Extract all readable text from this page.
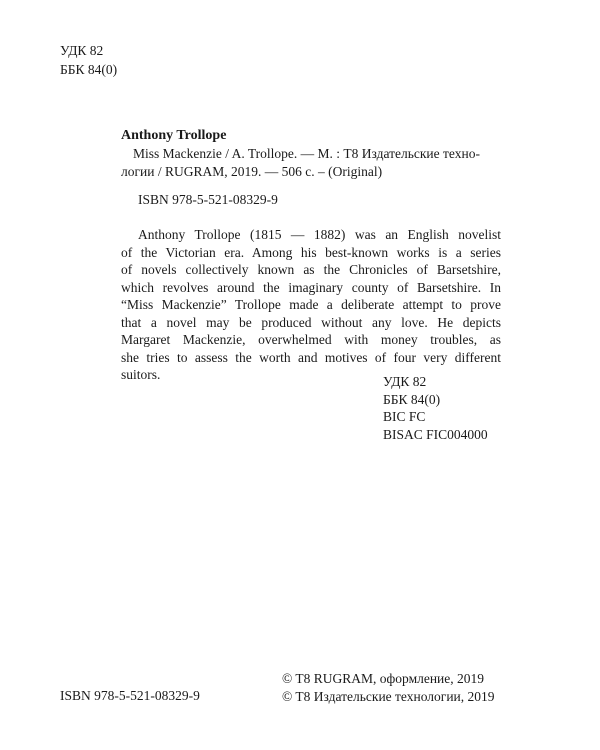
УДК 82
ББК 84(0)
Anthony Trollope
Miss Mackenzie / A. Trollope. — М. : T8 Издательские техно-
логии / RUGRAM, 2019. — 506 с. – (Original)
ISBN 978-5-521-08329-9
Anthony Trollope (1815 — 1882) was an English novelist
of the Victorian era. Among his best-known works is a series
of novels collectively known as the Chronicles of Barsetshire,
which revolves around the imaginary county of Barsetshire. In
“Miss Mackenzie” Trollope made a deliberate attempt to prove
that a novel may be produced without any love. He depicts
Margaret Mackenzie, overwhelmed with money troubles, as
she tries to assess the worth and motives of four very different
suitors.	УДК 82
ББК 84(0)
BIC FC
BISAC FIC004000
ISBN 978-5-521-08329-9
© T8 RUGRAM, оформление, 2019
© T8 Издательские технологии, 2019
